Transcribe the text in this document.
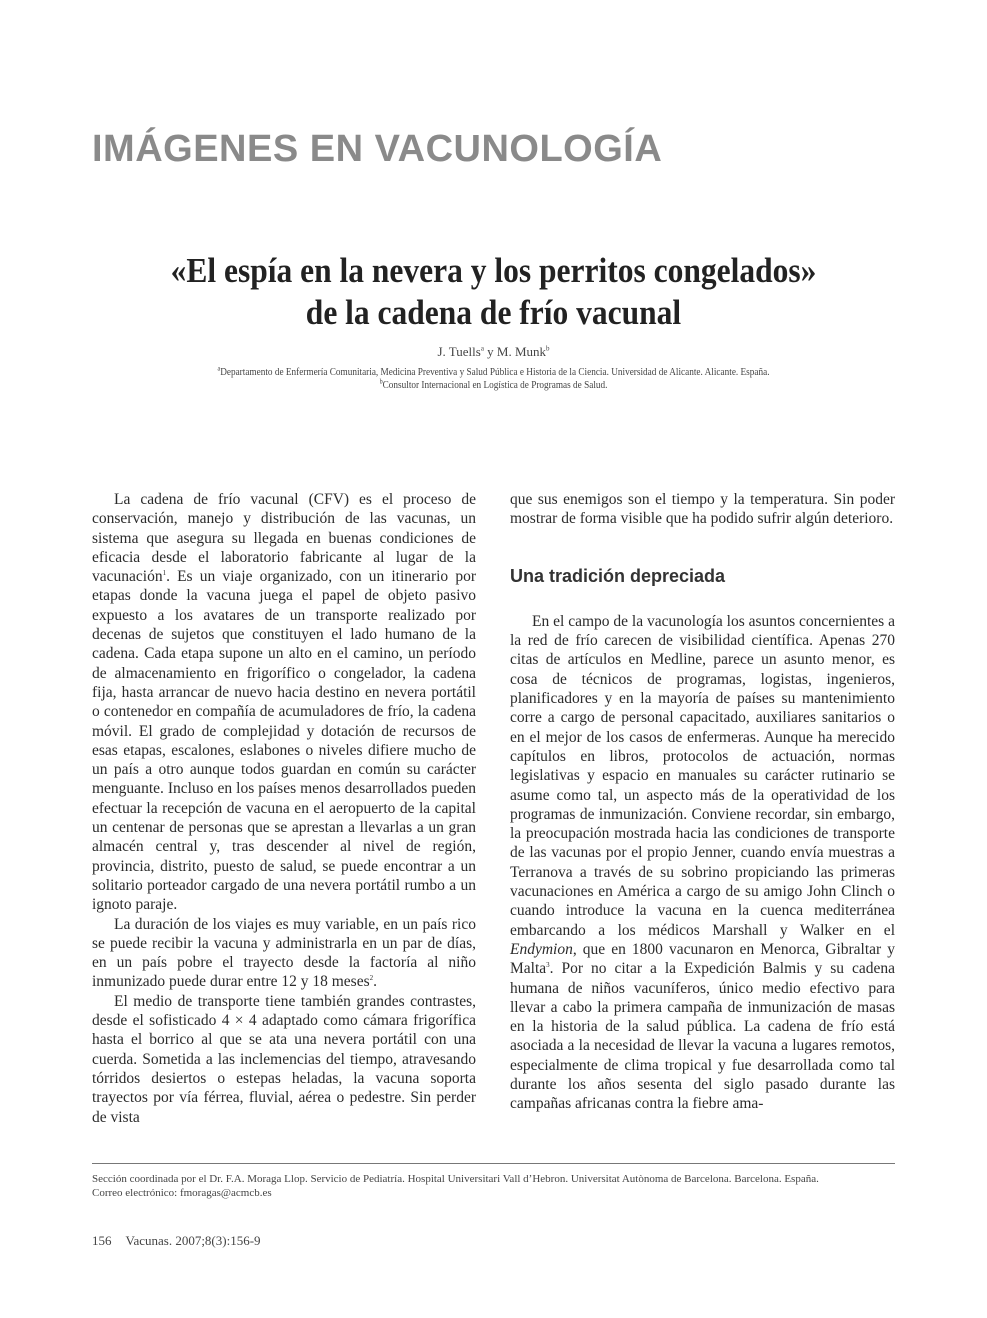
IMÁGENES EN VACUNOLOGÍA
«El espía en la nevera y los perritos congelados»
de la cadena de frío vacunal
J. Tuells$^a$ y M. Munk$^b$
$^a$Departamento de Enfermería Comunitaria, Medicina Preventiva y Salud Pública e Historia de la Ciencia. Universidad de Alicante. Alicante. España.
$^b$Consultor Internacional en Logística de Programas de Salud.

La cadena de frío vacunal (CFV) es el proceso de conservación, manejo y distribución de las vacunas, un sistema que asegura su llegada en buenas condiciones de eficacia desde el laboratorio fabricante al lugar de la vacunación$^1$. Es un viaje organizado, con un itinerario por etapas donde la vacuna juega el papel de objeto pasivo expuesto a los avatares de un transporte realizado por decenas de sujetos que constituyen el lado humano de la cadena. Cada etapa supone un alto en el camino, un período de almacenamiento en frigorífico o congelador, la cadena fija, hasta arrancar de nuevo hacia destino en nevera portátil o contenedor en compañía de acumuladores de frío, la cadena móvil. El grado de complejidad y dotación de recursos de esas etapas, escalones, eslabones o niveles difiere mucho de un país a otro aunque todos guardan en común su carácter menguante. Incluso en los países menos desarrollados pueden efectuar la recepción de vacuna en el aeropuerto de la capital un centenar de personas que se aprestan a llevarlas a un gran almacén central y, tras descender al nivel de región, provincia, distrito, puesto de salud, se puede encontrar a un solitario porteador cargado de una nevera portátil rumbo a un ignoto paraje.

La duración de los viajes es muy variable, en un país rico se puede recibir la vacuna y administrarla en un par de días, en un país pobre el trayecto desde la factoría al niño inmunizado puede durar entre 12 y 18 meses$^2$.

El medio de transporte tiene también grandes contrastes, desde el sofisticado 4 × 4 adaptado como cámara frigorífica hasta el borrico al que se ata una nevera portátil con una cuerda. Sometida a las inclemencias del tiempo, atravesando tórridos desiertos o estepas heladas, la vacuna soporta trayectos por vía férrea, fluvial, aérea o pedestre. Sin perder de vista

que sus enemigos son el tiempo y la temperatura. Sin poder mostrar de forma visible que ha podido sufrir algún deterioro.

Una tradición depreciada

En el campo de la vacunología los asuntos concernientes a la red de frío carecen de visibilidad científica. Apenas 270 citas de artículos en Medline, parece un asunto menor, es cosa de técnicos de programas, logistas, ingenieros, planificadores y en la mayoría de países su mantenimiento corre a cargo de personal capacitado, auxiliares sanitarios o en el mejor de los casos de enfermeras. Aunque ha merecido capítulos en libros, protocolos de actuación, normas legislativas y espacio en manuales su carácter rutinario se asume como tal, un aspecto más de la operatividad de los programas de inmunización. Conviene recordar, sin embargo, la preocupación mostrada hacia las condiciones de transporte de las vacunas por el propio Jenner, cuando envía muestras a Terranova a través de su sobrino propiciando las primeras vacunaciones en América a cargo de su amigo John Clinch o cuando introduce la vacuna en la cuenca mediterránea embarcando a los médicos Marshall y Walker en el Endymion, que en 1800 vacunaron en Menorca, Gibraltar y Malta$^3$. Por no citar a la Expedición Balmis y su cadena humana de niños vacuníferos, único medio efectivo para llevar a cabo la primera campaña de inmunización de masas en la historia de la salud pública. La cadena de frío está asociada a la necesidad de llevar la vacuna a lugares remotos, especialmente de clima tropical y fue desarrollada como tal durante los años sesenta del siglo pasado durante las campañas africanas contra la fiebre ama-

Sección coordinada por el Dr. F.A. Moraga Llop. Servicio de Pediatría. Hospital Universitari Vall d’Hebron. Universitat Autònoma de Barcelona. Barcelona. España.
Correo electrónico: fmoragas@acmcb.es
156 Vacunas. 2007;8(3):156-9
